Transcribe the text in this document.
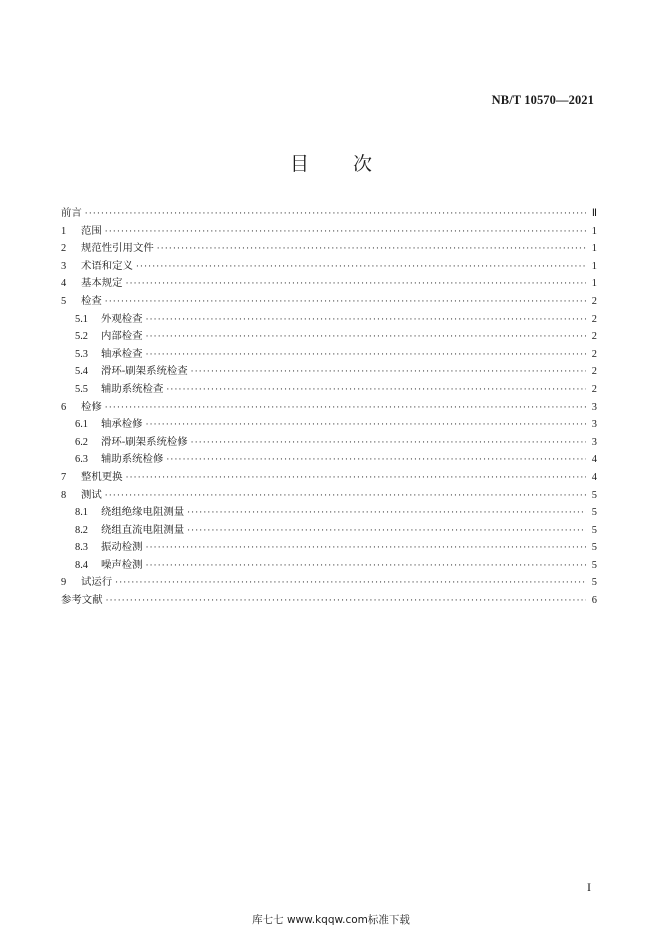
NB/T 10570—2021
目 次
前言 ·····	Ⅱ
1	范围 ·····	1
2	规范性引用文件 ·····	1
3	术语和定义 ·····	1
4	基本规定 ·····	1
5	检查 ·····	2
5.1	外观检查 ·····	2
5.2	内部检查 ·····	2
5.3	轴承检查 ·····	2
5.4	滑环-刷架系统检查 ·····	2
5.5	辅助系统检查 ·····	2
6	检修 ·····	3
6.1	轴承检修 ·····	3
6.2	滑环-刷架系统检修 ·····	3
6.3	辅助系统检修 ·····	4
7	整机更换 ·····	4
8	测试 ·····	5
8.1	绕组绝缘电阻测量 ·····	5
8.2	绕组直流电阻测量 ·····	5
8.3	振动检测 ·····	5
8.4	噪声检测 ·····	5
9	试运行 ·····	5
参考文献 ·····	6
I
库七七 www.kqqw.com标准下载
